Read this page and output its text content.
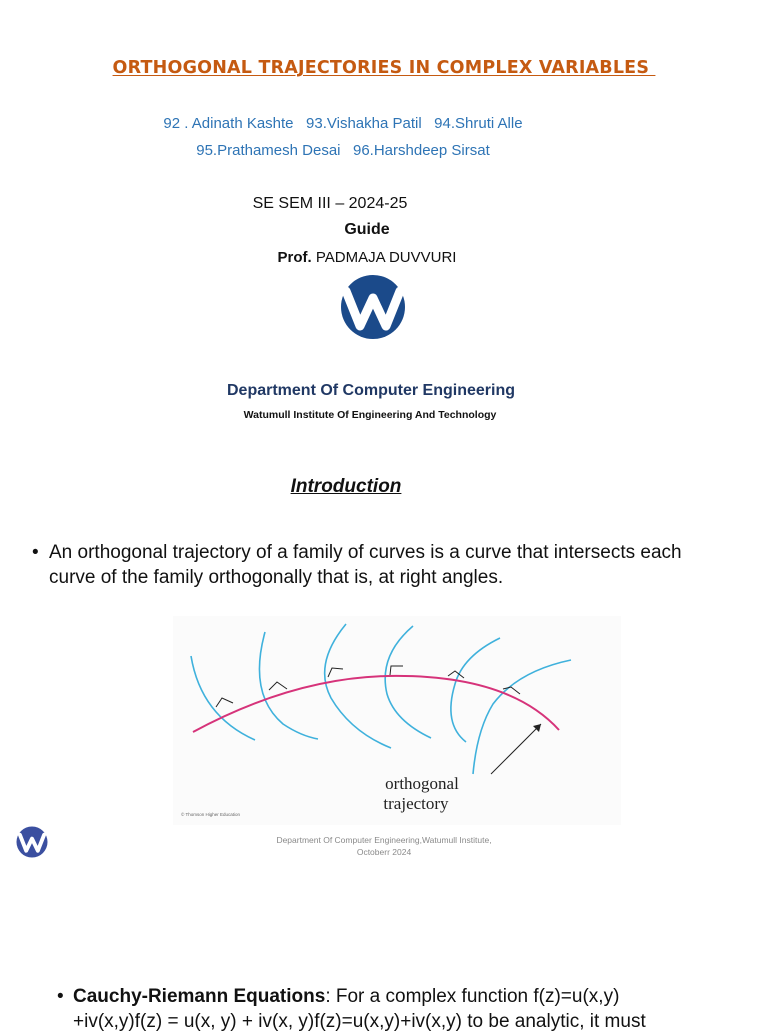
ORTHOGONAL TRAJECTORIES IN COMPLEX VARIABLES
92 . Adinath Kashte   93.Vishakha Patil   94.Shruti Alle
95.Prathamesh Desai   96.Harshdeep Sirsat
SE SEM III – 2024-25
Guide
Prof. PADMAJA DUVVURI
Department Of Computer Engineering
Watumull Institute Of Engineering And Technology
Introduction
• An orthogonal trajectory of a family of curves is a curve that intersects each curve of the family orthogonally that is, at right angles.
orthogonal
trajectory
© Thomson Higher Education
Department Of Computer Engineering,Watumull Institute,
Octoberr 2024
• Cauchy-Riemann Equations: For a complex function f(z)=u(x,y)
+iv(x,y)f(z) = u(x, y) + iv(x, y)f(z)=u(x,y)+iv(x,y) to be analytic, it must
